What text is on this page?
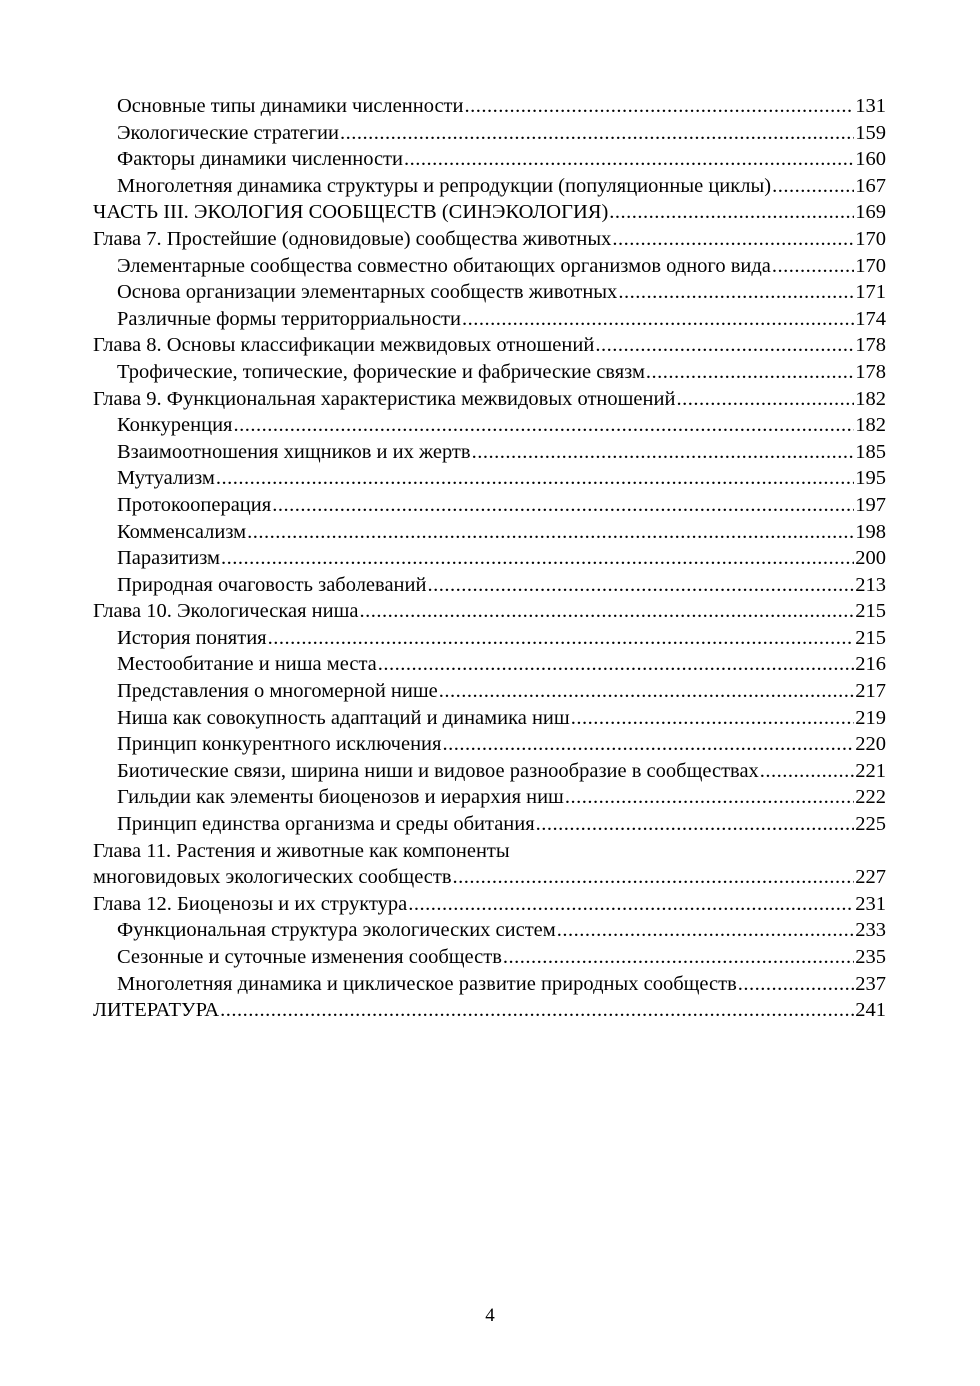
Основные типы динамики численности .....	131
Экологические стратегии .....	159
Факторы динамики численности .....	160
Многолетняя динамика структуры и репродукции (популяционные циклы) .....	167
ЧАСТЬ III. ЭКОЛОГИЯ СООБЩЕСТВ (СИНЭКОЛОГИЯ) .....	169
Глава 7. Простейшие (одновидовые) сообщества животных .....	170
Элементарные сообщества совместно обитающих организмов одного вида .....	170
Основа организации элементарных сообществ животных .....	171
Различные формы территорриальности .....	174
Глава 8. Основы классификации межвидовых отношений .....	178
Трофические, топические, форические и фабрические связм .....	178
Глава 9. Функциональная характеристика межвидовых отношений .....	182
Конкуренция .....	182
Взаимоотношения хищников и их жертв .....	185
Мутуализм .....	195
Протокооперация .....	197
Комменсализм .....	198
Паразитизм .....	200
Природная очаговость заболеваний .....	213
Глава 10. Экологическая ниша .....	215
История понятия .....	215
Местообитание и ниша места .....	216
Представления о многомерной нише .....	217
Ниша как совокупность адаптаций и динамика ниш .....	219
Принцип конкурентного исключения .....	220
Биотические связи, ширина ниши и видовое разнообразие в сообществах .....	221
Гильдии как элементы биоценозов и иерархия ниш .....	222
Принцип единства организма и среды обитания .....	225
Глава 11. Растения и животные как компоненты
многовидовых экологических сообществ .....	227
Глава 12. Биоценозы и их структура .....	231
Функциональная структура экологических систем .....	233
Сезонные и суточные изменения сообществ .....	235
Многолетняя динамика и циклическое развитие природных сообществ .....	237
ЛИТЕРАТУРА .....	241
4
